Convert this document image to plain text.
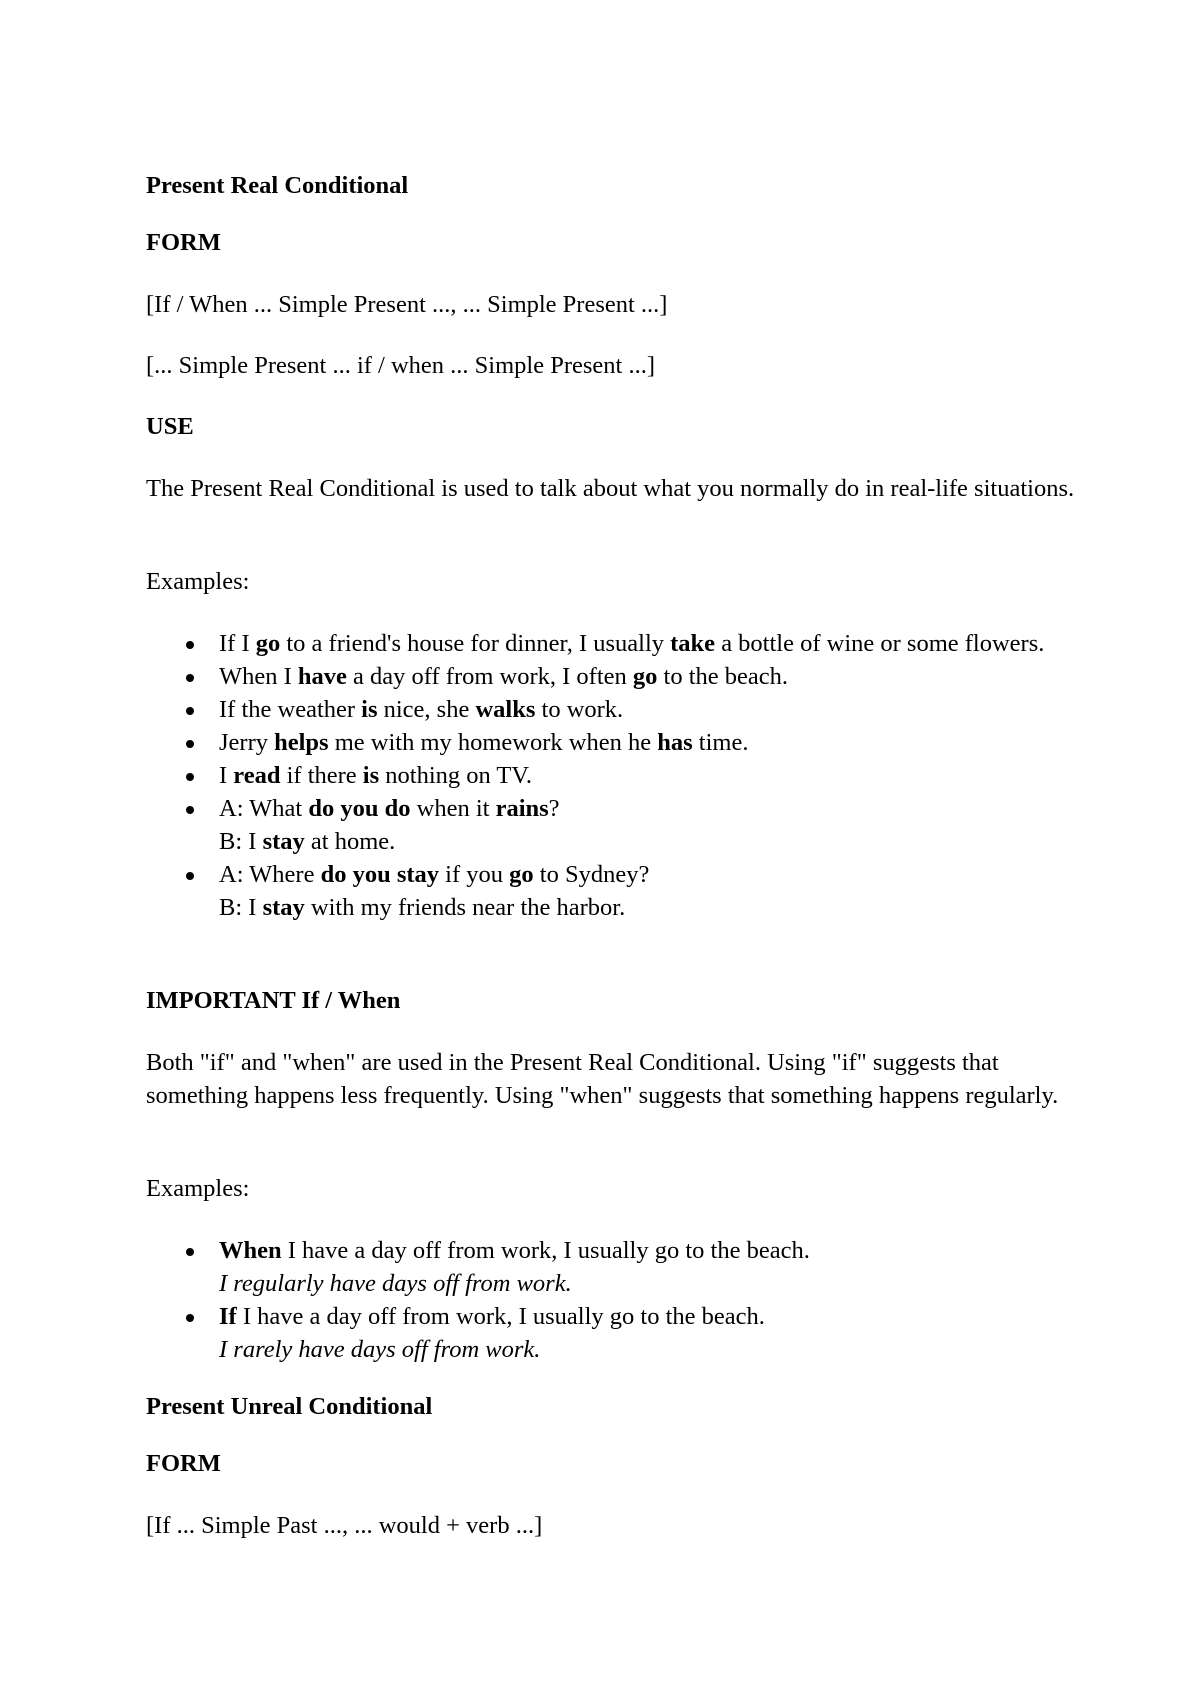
Present Real Conditional

FORM

[If / When ... Simple Present ..., ... Simple Present ...]

[... Simple Present ... if / when ... Simple Present ...]

USE

The Present Real Conditional is used to talk about what you normally do in real-life situations.

Examples:

If I go to a friend's house for dinner, I usually take a bottle of wine or some flowers.
When I have a day off from work, I often go to the beach.
If the weather is nice, she walks to work.
Jerry helps me with my homework when he has time.
I read if there is nothing on TV.
A: What do you do when it rains?
B: I stay at home.
A: Where do you stay if you go to Sydney?
B: I stay with my friends near the harbor.

IMPORTANT If / When

Both "if" and "when" are used in the Present Real Conditional. Using "if" suggests that something happens less frequently. Using "when" suggests that something happens regularly.

Examples:

When I have a day off from work, I usually go to the beach.
I regularly have days off from work.
If I have a day off from work, I usually go to the beach.
I rarely have days off from work.

Present Unreal Conditional

FORM

[If ... Simple Past ..., ... would + verb ...]
